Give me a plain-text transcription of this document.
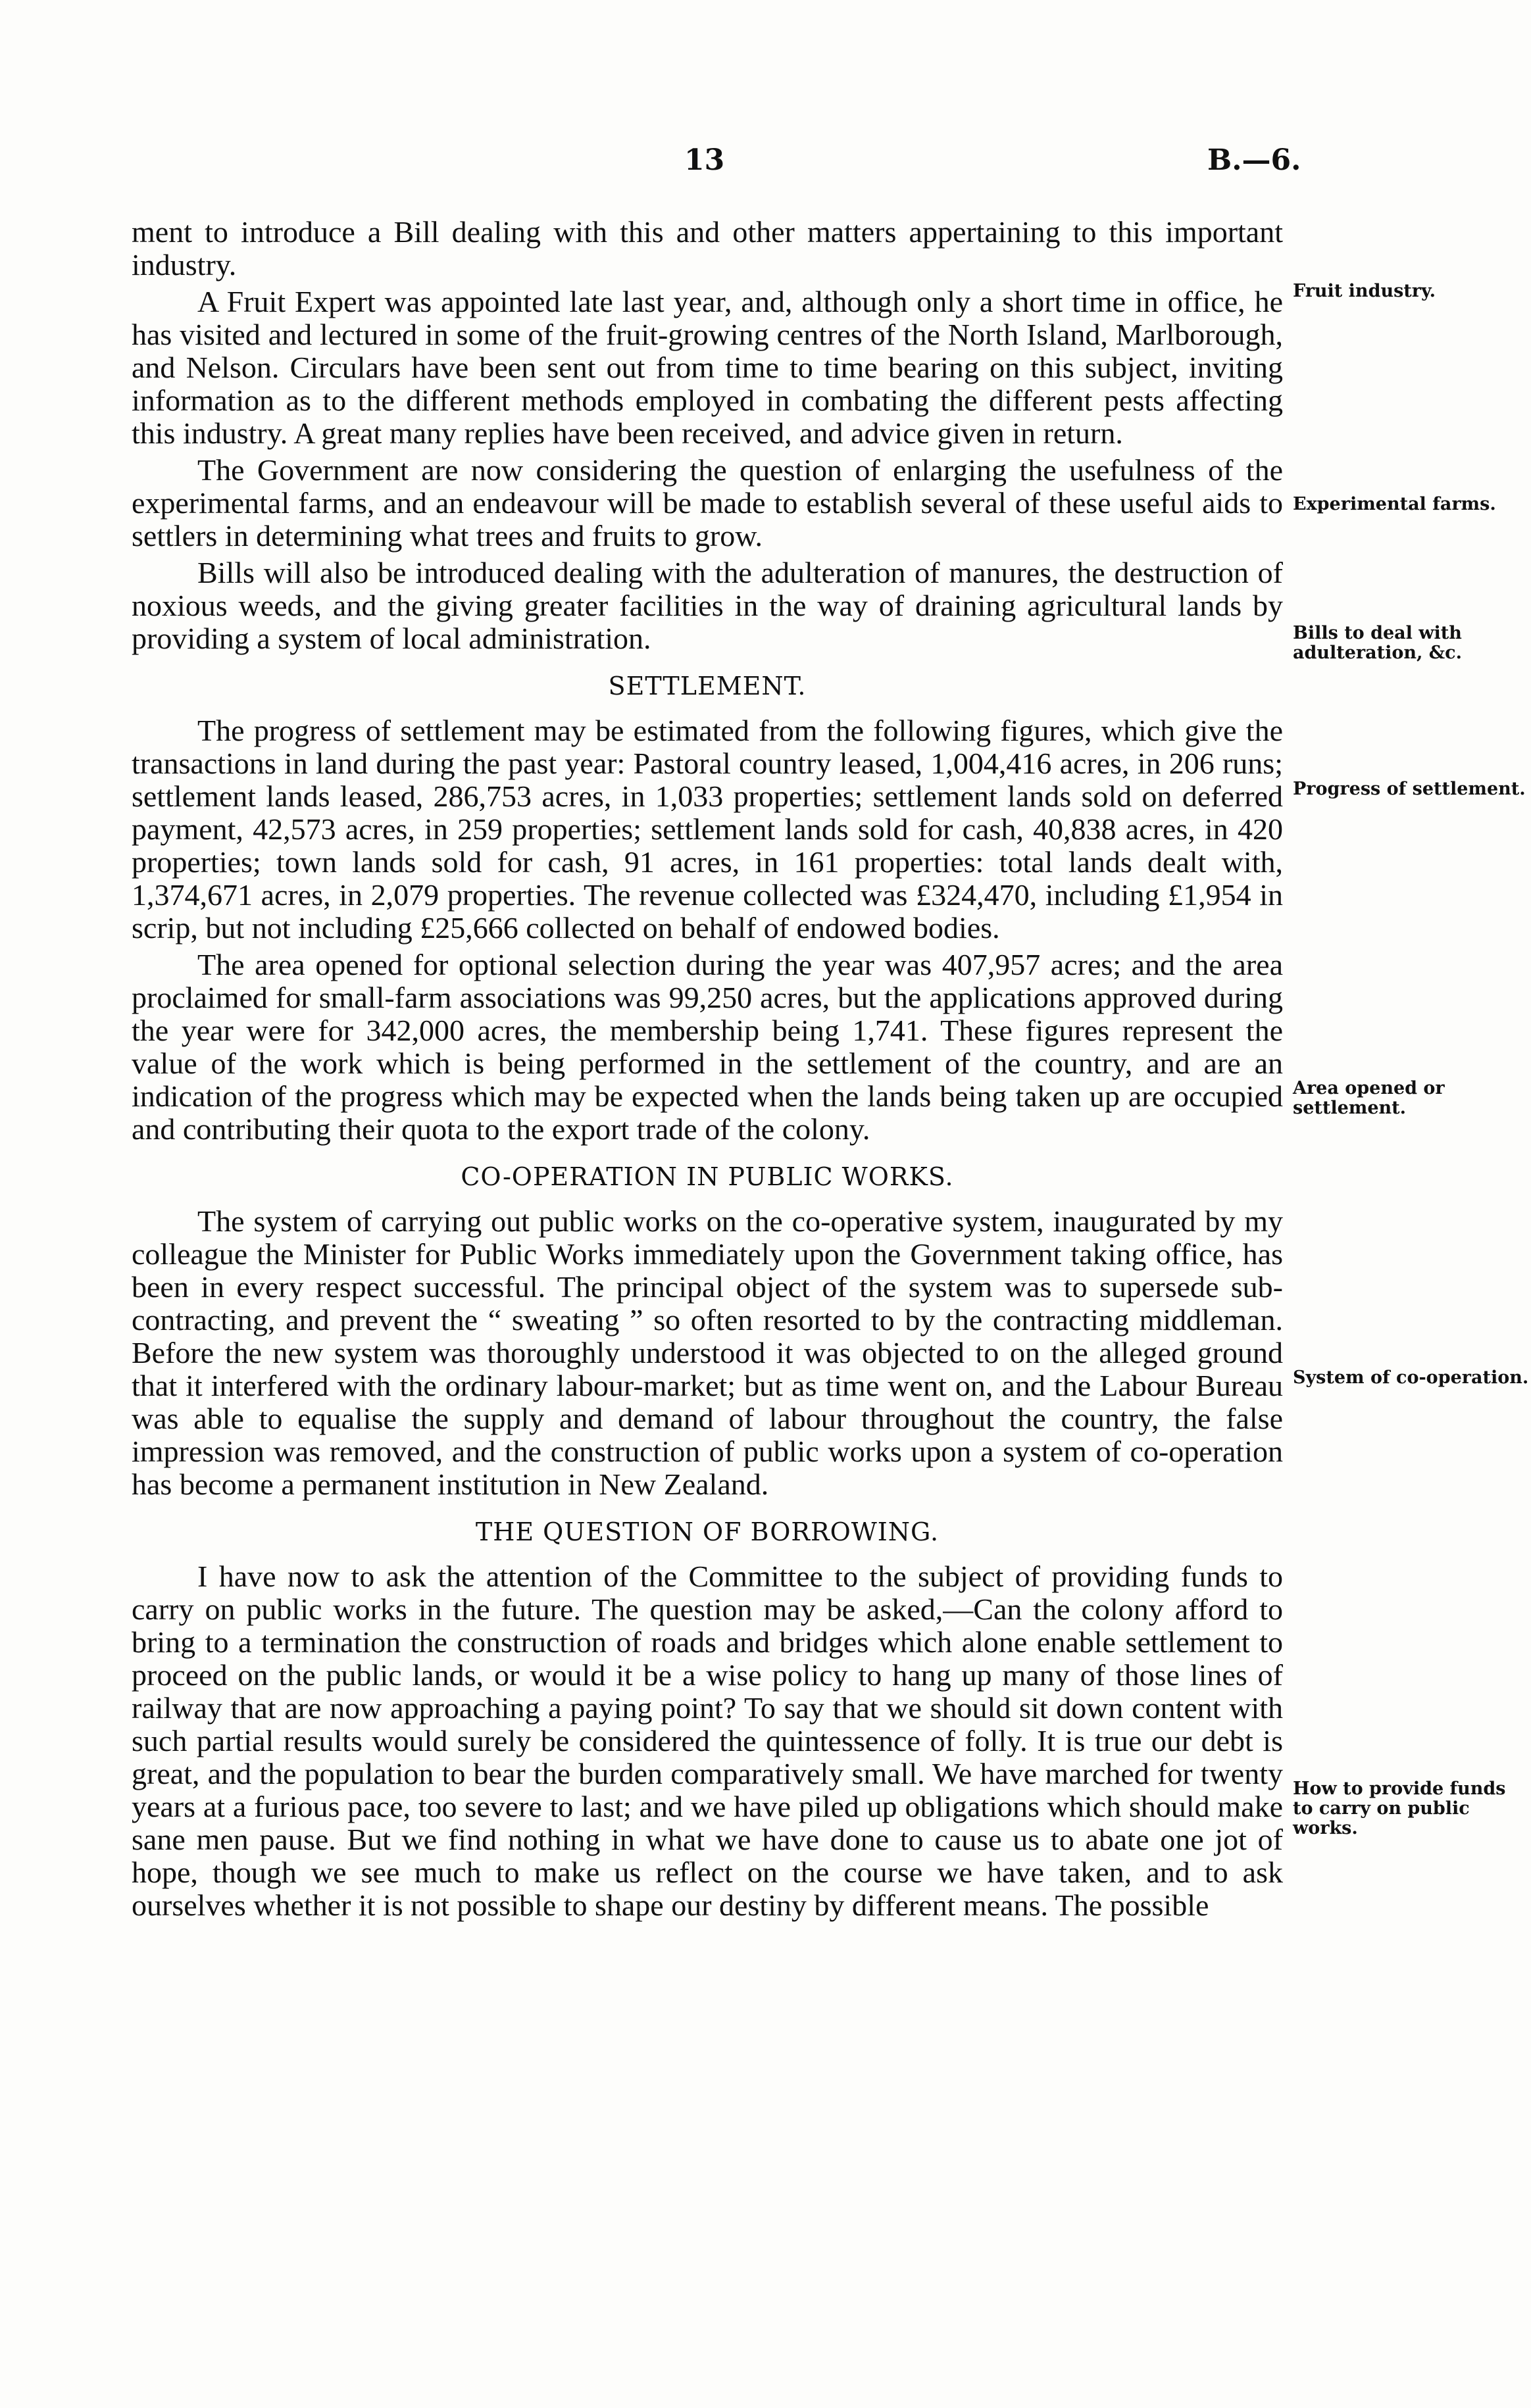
13	B.—6.

ment to introduce a Bill dealing with this and other matters appertaining to this important industry.

A Fruit Expert was appointed late last year, and, although only a short time in office, he has visited and lectured in some of the fruit-growing centres of the North Island, Marlborough, and Nelson. Circulars have been sent out from time to time bearing on this subject, inviting information as to the different methods employed in combating the different pests affecting this industry. A great many replies have been received, and advice given in return.

The Government are now considering the question of enlarging the usefulness of the experimental farms, and an endeavour will be made to establish several of these useful aids to settlers in determining what trees and fruits to grow.

Bills will also be introduced dealing with the adulteration of manures, the destruction of noxious weeds, and the giving greater facilities in the way of draining agricultural lands by providing a system of local administration.

SETTLEMENT.

The progress of settlement may be estimated from the following figures, which give the transactions in land during the past year: Pastoral country leased, 1,004,416 acres, in 206 runs; settlement lands leased, 286,753 acres, in 1,033 properties; settlement lands sold on deferred payment, 42,573 acres, in 259 properties; settlement lands sold for cash, 40,838 acres, in 420 properties; town lands sold for cash, 91 acres, in 161 properties: total lands dealt with, 1,374,671 acres, in 2,079 properties. The revenue collected was £324,470, including £1,954 in scrip, but not including £25,666 collected on behalf of endowed bodies.

The area opened for optional selection during the year was 407,957 acres; and the area proclaimed for small-farm associations was 99,250 acres, but the applications approved during the year were for 342,000 acres, the membership being 1,741. These figures represent the value of the work which is being performed in the settlement of the country, and are an indication of the progress which may be expected when the lands being taken up are occupied and contributing their quota to the export trade of the colony.

CO-OPERATION IN PUBLIC WORKS.

The system of carrying out public works on the co-operative system, inaugurated by my colleague the Minister for Public Works immediately upon the Government taking office, has been in every respect successful. The principal object of the system was to supersede sub-contracting, and prevent the “ sweating ” so often resorted to by the contracting middleman. Before the new system was thoroughly understood it was objected to on the alleged ground that it interfered with the ordinary labour-market; but as time went on, and the Labour Bureau was able to equalise the supply and demand of labour throughout the country, the false impression was removed, and the construction of public works upon a system of co-operation has become a permanent institution in New Zealand.

THE QUESTION OF BORROWING.

I have now to ask the attention of the Committee to the subject of providing funds to carry on public works in the future. The question may be asked,—Can the colony afford to bring to a termination the construction of roads and bridges which alone enable settlement to proceed on the public lands, or would it be a wise policy to hang up many of those lines of railway that are now approaching a paying point? To say that we should sit down content with such partial results would surely be considered the quintessence of folly. It is true our debt is great, and the population to bear the burden comparatively small. We have marched for twenty years at a furious pace, too severe to last; and we have piled up obligations which should make sane men pause. But we find nothing in what we have done to cause us to abate one jot of hope, though we see much to make us reflect on the course we have taken, and to ask ourselves whether it is not possible to shape our destiny by different means. The possible

Fruit industry.
Experimental farms.
Bills to deal with adulteration, &c.
Progress of settlement.
Area opened or settlement.
System of co-operation.
How to provide funds to carry on public works.
